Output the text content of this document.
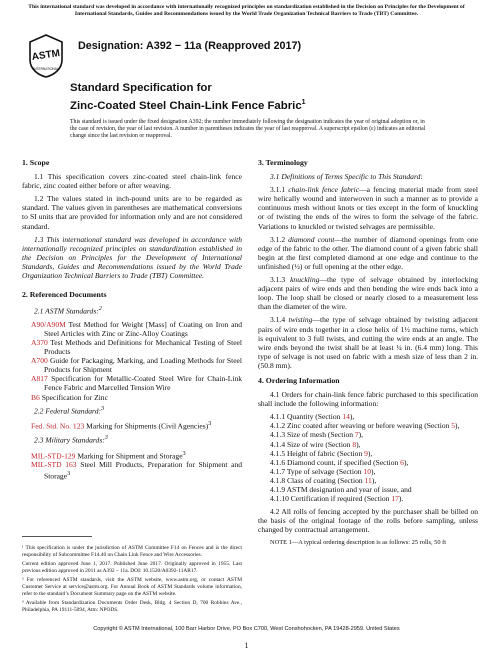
This international standard was developed in accordance with internationally recognized principles on standardization established in the Decision on Principles for the Development of International Standards, Guides and Recommendations issued by the World Trade Organization Technical Barriers to Trade (TBT) Committee.
ASTM
INTERNATIONAL
Designation: A392 − 11a (Reapproved 2017)
Standard Specification for
Zinc-Coated Steel Chain-Link Fence Fabric$^1$
This standard is issued under the fixed designation A392; the number immediately following the designation indicates the year of original adoption or, in the case of revision, the year of last revision. A number in parentheses indicates the year of last reapproval. A superscript epsilon (ε) indicates an editorial change since the last revision or reapproval.
1. Scope

1.1 This specification covers zinc-coated steel chain-link fence fabric, zinc coated either before or after weaving.

1.2 The values stated in inch-pound units are to be regarded as standard. The values given in parentheses are mathematical conversions to SI units that are provided for information only and are not considered standard.

1.3 This international standard was developed in accordance with internationally recognized principles on standardization established in the Decision on Principles for the Development of International Standards, Guides and Recommendations issued by the World Trade Organization Technical Barriers to Trade (TBT) Committee.

2. Referenced Documents

2.1 ASTM Standards:$^2$

A90/A90M Test Method for Weight [Mass] of Coating on Iron and Steel Articles with Zinc or Zinc-Alloy Coatings

A370 Test Methods and Definitions for Mechanical Testing of Steel Products

A700 Guide for Packaging, Marking, and Loading Methods for Steel Products for Shipment

A817 Specification for Metallic-Coated Steel Wire for Chain-Link Fence Fabric and Marcelled Tension Wire

B6 Specification for Zinc

2.2 Federal Standard:$^3$

Fed. Std. No. 123 Marking for Shipments (Civil Agencies)$^3$

2.3 Military Standards:$^3$

MIL-STD-129 Marking for Shipment and Storage$^3$

MIL-STD 163 Steel Mill Products, Preparation for Shipment and Storage$^3$

¹ This specification is under the jurisdiction of ASTM Committee F14 on Fences and is the direct responsibility of Subcommittee F14.40 on Chain Link Fence and Wire Accessories.

Current edition approved June 1, 2017. Published June 2017. Originally approved in 1955. Last previous edition approved in 2011 as A392 – 11a. DOI: 10.1520/A0392-11AR17.

² For referenced ASTM standards, visit the ASTM website, www.astm.org, or contact ASTM Customer Service at service@astm.org. For Annual Book of ASTM Standards volume information, refer to the standard’s Document Summary page on the ASTM website.

³ Available from Standardization Documents Order Desk, Bldg. 4 Section D, 700 Robbins Ave., Philadelphia, PA 19111-5094, Attn: NPODS.

3. Terminology

3.1 Definitions of Terms Specific to This Standard:

3.1.1 chain-link fence fabric—a fencing material made from steel wire helically wound and interwoven in such a manner as to provide a continuous mesh without knots or ties except in the form of knuckling or of twisting the ends of the wires to form the selvage of the fabric. Variations to knuckled or twisted selvages are permissible.

3.1.2 diamond count—the number of diamond openings from one edge of the fabric to the other. The diamond count of a given fabric shall begin at the first completed diamond at one edge and continue to the unfinished (½) or full opening at the other edge.

3.1.3 knuckling—the type of selvage obtained by interlocking adjacent pairs of wire ends and then bending the wire ends back into a loop. The loop shall be closed or nearly closed to a measurement less than the diameter of the wire.

3.1.4 twisting—the type of selvage obtained by twisting adjacent pairs of wire ends together in a close helix of 1½ machine turns, which is equivalent to 3 full twists, and cutting the wire ends at an angle. The wire ends beyond the twist shall be at least ¼ in. (6.4 mm) long. This type of selvage is not used on fabric with a mesh size of less than 2 in. (50.8 mm).

4. Ordering Information

4.1 Orders for chain-link fence fabric purchased to this specification shall include the following information:

4.1.1 Quantity (Section 14),

4.1.2 Zinc coated after weaving or before weaving (Section 5),

4.1.3 Size of mesh (Section 7),

4.1.4 Size of wire (Section 8),

4.1.5 Height of fabric (Section 9),

4.1.6 Diamond count, if specified (Section 6),

4.1.7 Type of selvage (Section 10),

4.1.8 Class of coating (Section 11),

4.1.9 ASTM designation and year of issue, and

4.1.10 Certification if required (Section 17).

4.2 All rolls of fencing accepted by the purchaser shall be billed on the basis of the original footage of the rolls before sampling, unless changed by contractual arrangement.

NOTE 1—A typical ordering description is as follows: 25 rolls, 50 ft

Copyright © ASTM International, 100 Barr Harbor Drive, PO Box C700, West Conshohocken, PA 19428-2959. United States
1
